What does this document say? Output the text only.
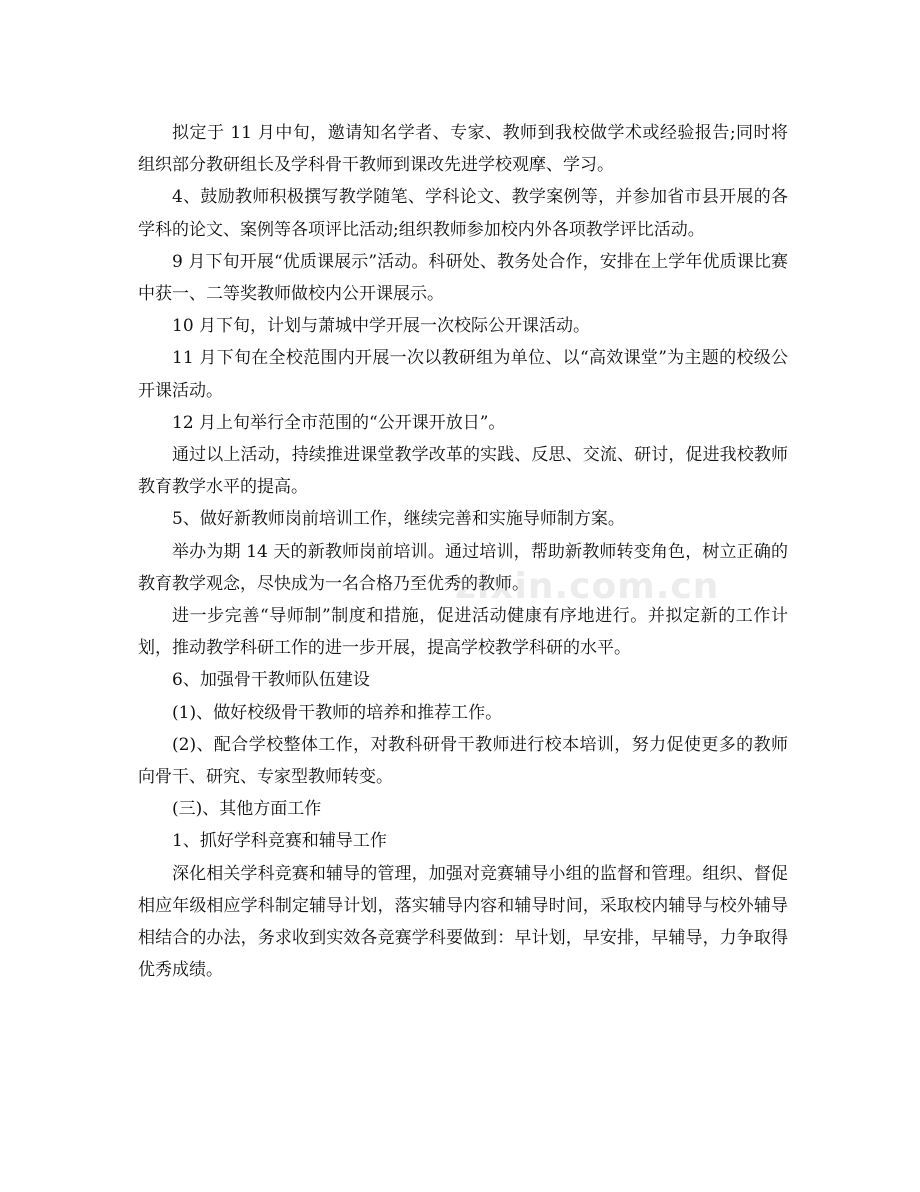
拟定于 11 月中旬，邀请知名学者、专家、教师到我校做学术或经验报告;同时将组织部分教研组长及学科骨干教师到课改先进学校观摩、学习。

4、鼓励教师积极撰写教学随笔、学科论文、教学案例等，并参加省市县开展的各学科的论文、案例等各项评比活动;组织教师参加校内外各项教学评比活动。

9 月下旬开展“优质课展示”活动。科研处、教务处合作，安排在上学年优质课比赛中获一、二等奖教师做校内公开课展示。

10 月下旬，计划与萧城中学开展一次校际公开课活动。

11 月下旬在全校范围内开展一次以教研组为单位、以“高效课堂”为主题的校级公开课活动。

12 月上旬举行全市范围的“公开课开放日”。

通过以上活动，持续推进课堂教学改革的实践、反思、交流、研讨，促进我校教师教育教学水平的提高。

5、做好新教师岗前培训工作，继续完善和实施导师制方案。

举办为期 14 天的新教师岗前培训。通过培训，帮助新教师转变角色，树立正确的教育教学观念，尽快成为一名合格乃至优秀的教师。

进一步完善“导师制”制度和措施，促进活动健康有序地进行。并拟定新的工作计划，推动教学科研工作的进一步开展，提高学校教学科研的水平。

6、加强骨干教师队伍建设

(1)、做好校级骨干教师的培养和推荐工作。

(2)、配合学校整体工作，对教科研骨干教师进行校本培训，努力促使更多的教师向骨干、研究、专家型教师转变。

(三)、其他方面工作

1、抓好学科竞赛和辅导工作

深化相关学科竞赛和辅导的管理，加强对竞赛辅导小组的监督和管理。组织、督促相应年级相应学科制定辅导计划，落实辅导内容和辅导时间，采取校内辅导与校外辅导相结合的办法，务求收到实效各竞赛学科要做到：早计划，早安排，早辅导，力争取得优秀成绩。

zixin.com.cn
